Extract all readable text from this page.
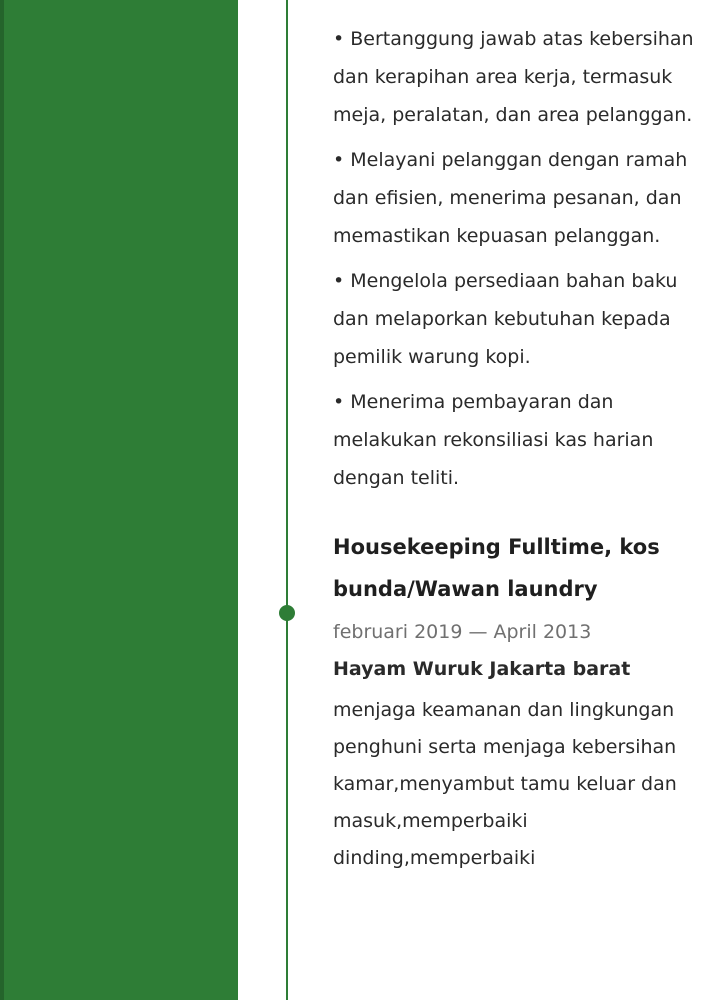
• Bertanggung jawab atas kebersihan dan kerapihan area kerja, termasuk meja, peralatan, dan area pelanggan.

• Melayani pelanggan dengan ramah dan efisien, menerima pesanan, dan memastikan kepuasan pelanggan.

• Mengelola persediaan bahan baku dan melaporkan kebutuhan kepada pemilik warung kopi.

• Menerima pembayaran dan melakukan rekonsiliasi kas harian dengan teliti.

Housekeeping Fulltime, kos bunda/Wawan laundry
februari 2019 — April 2013
Hayam Wuruk Jakarta barat
menjaga keamanan dan lingkungan penghuni serta menjaga kebersihan kamar,menyambut tamu keluar dan masuk,memperbaiki dinding,memperbaiki
